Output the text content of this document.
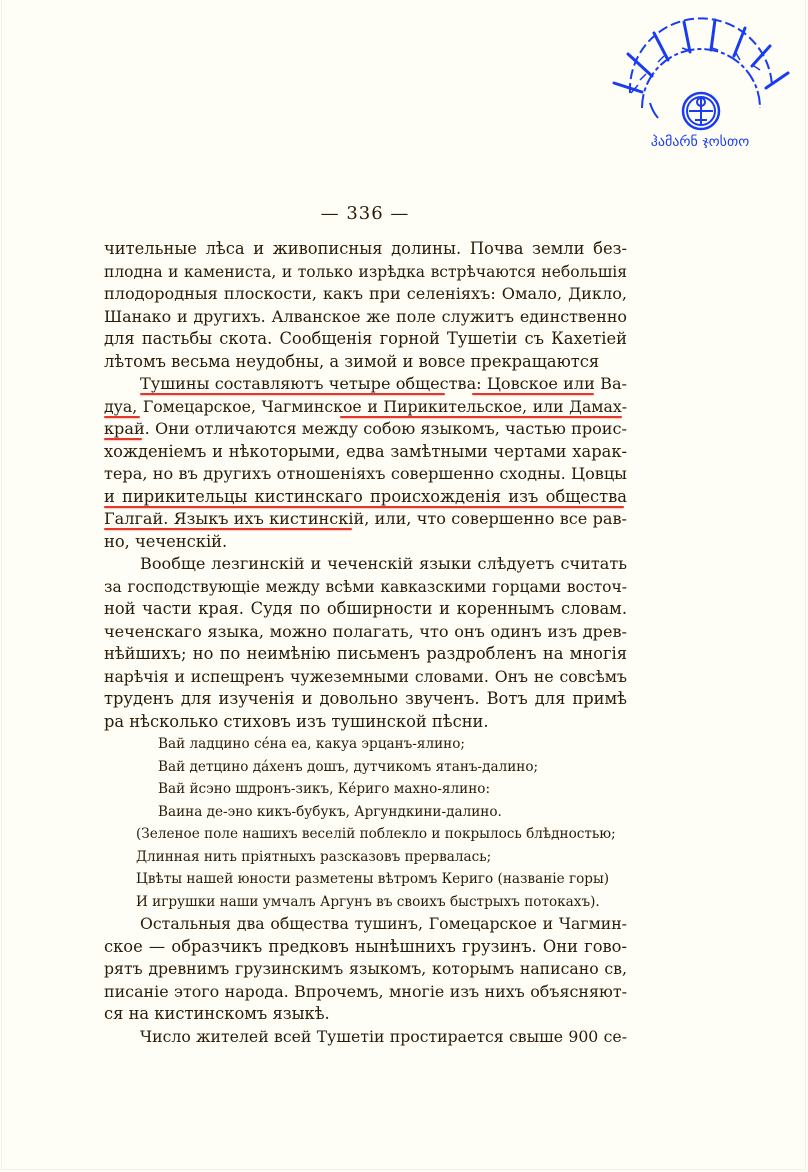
ჰამარნ ჯოსთო
— 336 —
чительные лѣса и живописныя долины. Почва земли без-
плодна и камениста, и только изрѣдка встрѣчаются небольшія
плодородныя плоскости, какъ при селеніяхъ: Омало, Дикло,
Шанако и другихъ. Алванское же поле служитъ единственно
для пастьбы скота. Сообщенія горной Тушетіи съ Кахетіей
лѣтомъ весьма неудобны, а зимой и вовсе прекращаются
Тушины составляютъ четыре общества: Цовское или Ва-
дуа, Гомецарское, Чагминское и Пирикительское, или Дамах-
край. Они отличаются между собою языкомъ, частью проис-
хожденіемъ и нѣкоторыми, едва замѣтными чертами харак-
тера, но въ другихъ отношеніяхъ совершенно сходны. Цовцы
и пирикительцы кистинскаго происхожденія изъ общества
Галгай. Языкъ ихъ кистинскій, или, что совершенно все рав-
но, чеченскій.
Вообще лезгинскій и чеченскій языки слѣдуетъ считать
за господствующіе между всѣми кавказскими горцами восточ-
ной части края. Судя по обширности и кореннымъ словам.
чеченскаго языка, можно полагать, что онъ одинъ изъ древ-
нѣйшихъ; но по неимѣнію письменъ раздробленъ на многія
нарѣчія и испещренъ чужеземными словами. Онъ не совсѣмъ
труденъ для изученія и довольно звученъ. Вотъ для примѣ
ра нѣсколько стиховъ изъ тушинской пѣсни.
Вай ладцино сéна еа, какуа эрцанъ-ялино;
Вай детцино дáхенъ дошъ, дутчикомъ ятанъ-далино;
Вай йсэно шдронъ-зикъ, Кéриго махно-ялино:
Ваина де-эно кикъ-бубукъ, Аргундкини-далино.
(Зеленое поле нашихъ веселій поблекло и покрылось блѣдностью;
Длинная нить пріятныхъ разсказовъ прервалась;
Цвѣты нашей юности разметены вѣтромъ Кериго (названіе горы)
И игрушки наши умчалъ Аргунъ въ своихъ быстрыхъ потокахъ).
Остальныя два общества тушинъ, Гомецарское и Чагмин-
ское — образчикъ предковъ нынѣшнихъ грузинъ. Они гово-
рятъ древнимъ грузинскимъ языкомъ, которымъ написано св,
писаніе этого народа. Впрочемъ, многіе изъ нихъ объясняют-
ся на кистинскомъ языкѣ.
Число жителей всей Тушетіи простирается свыше 900 се-
